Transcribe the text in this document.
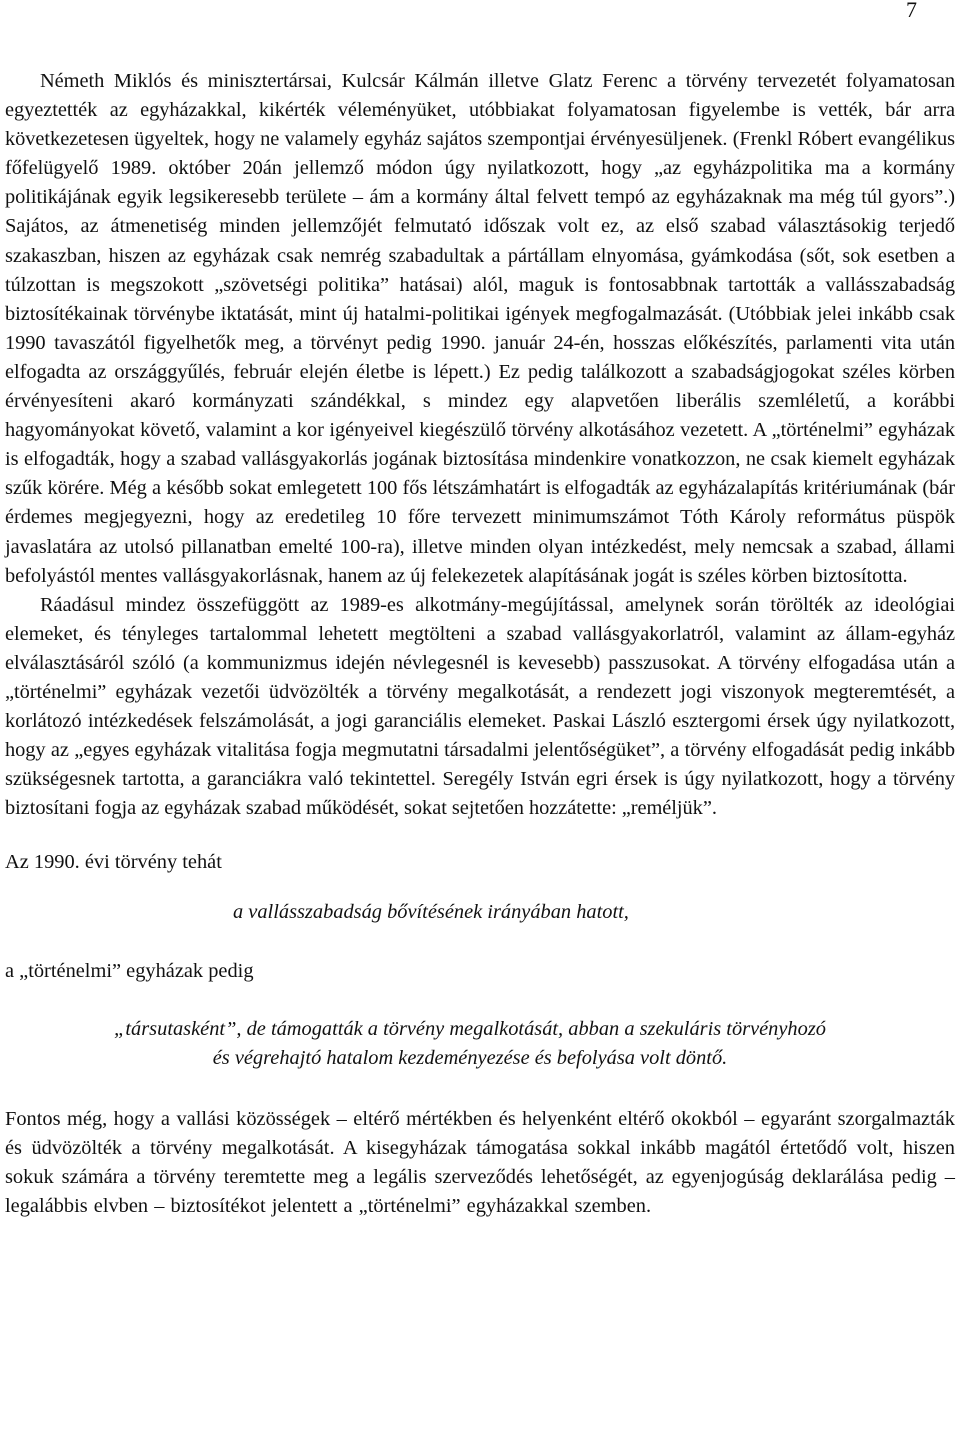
7

Németh Miklós és minisztertársai, Kulcsár Kálmán illetve Glatz Ferenc a törvény tervezetét folyamatosan egyeztették az egyházakkal, kikérték véleményüket, utóbbiakat folyamatosan figyelembe is vették, bár arra következetesen ügyeltek, hogy ne valamely egyház sajátos szempontjai érvényesüljenek. (Frenkl Róbert evangélikus főfelügyelő 1989. október 20án jellemző módon úgy nyilatkozott, hogy „az egyházpolitika ma a kormány politikájának egyik legsikeresebb területe – ám a kormány által felvett tempó az egyházaknak ma még túl gyors”.) Sajátos, az átmenetiség minden jellemzőjét felmutató időszak volt ez, az első szabad választásokig terjedő szakaszban, hiszen az egyházak csak nemrég szabadultak a pártállam elnyomása, gyámkodása (sőt, sok esetben a túlzottan is megszokott „szövetségi politika” hatásai) alól, maguk is fontosabbnak tartották a vallásszabadság biztosítékainak törvénybe iktatását, mint új hatalmi-politikai igények megfogalmazását. (Utóbbiak jelei inkább csak 1990 tavaszától figyelhetők meg, a törvényt pedig 1990. január 24-én, hosszas előkészítés, parlamenti vita után elfogadta az országgyűlés, február elején életbe is lépett.) Ez pedig találkozott a szabadságjogokat széles körben érvényesíteni akaró kormányzati szándékkal, s mindez egy alapvetően liberális szemléletű, a korábbi hagyományokat követő, valamint a kor igényeivel kiegészülő törvény alkotásához vezetett. A „történelmi” egyházak is elfogadták, hogy a szabad vallásgyakorlás jogának biztosítása mindenkire vonatkozzon, ne csak kiemelt egyházak szűk körére. Még a később sokat emlegetett 100 fős létszámhatárt is elfogadták az egyházalapítás kritériumának (bár érdemes megjegyezni, hogy az eredetileg 10 főre tervezett minimumszámot Tóth Károly református püspök javaslatára az utolsó pillanatban emelté 100-ra), illetve minden olyan intézkedést, mely nemcsak a szabad, állami befolyástól mentes vallásgyakorlásnak, hanem az új felekezetek alapításának jogát is széles körben biztosította.

Ráadásul mindez összefüggött az 1989-es alkotmány-megújítással, amelynek során törölték az ideológiai elemeket, és tényleges tartalommal lehetett megtölteni a szabad vallásgyakorlatról, valamint az állam-egyház elválasztásáról szóló (a kommunizmus idején névlegesnél is kevesebb) passzusokat. A törvény elfogadása után a „történelmi” egyházak vezetői üdvözölték a törvény megalkotását, a rendezett jogi viszonyok megteremtését, a korlátozó intézkedések felszámolását, a jogi garanciális elemeket. Paskai László esztergomi érsek úgy nyilatkozott, hogy az „egyes egyházak vitalitása fogja megmutatni társadalmi jelentőségüket”, a törvény elfogadását pedig inkább szükségesnek tartotta, a garanciákra való tekintettel. Seregély István egri érsek is úgy nyilatkozott, hogy a törvény biztosítani fogja az egyházak szabad működését, sokat sejtetően hozzátette: „reméljük”.

Az 1990. évi törvény tehát

a vallásszabadság bővítésének irányában hatott,

a „történelmi” egyházak pedig

„társutasként”, de támogatták a törvény megalkotását, abban a szekuláris törvényhozó
és végrehajtó hatalom kezdeményezése és befolyása volt döntő.

Fontos még, hogy a vallási közösségek – eltérő mértékben és helyenként eltérő okokból – egyaránt szorgalmazták és üdvözölték a törvény megalkotását. A kisegyházak támogatása sokkal inkább magától értetődő volt, hiszen sokuk számára a törvény teremtette meg a legális szerveződés lehetőségét, az egyenjogúság deklarálása pedig – legalábbis elvben – biztosítékot jelentett a „történelmi” egyházakkal szemben.
